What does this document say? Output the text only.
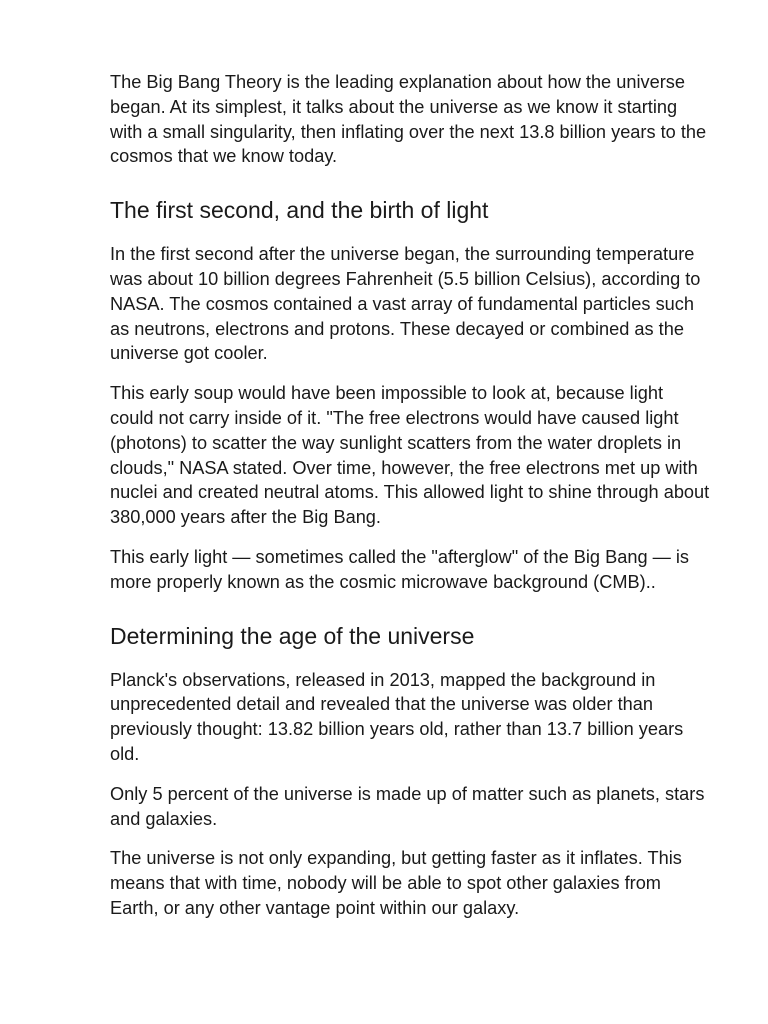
The Big Bang Theory is the leading explanation about how the universe began. At its simplest, it talks about the universe as we know it starting with a small singularity, then inflating over the next 13.8 billion years to the cosmos that we know today.

The first second, and the birth of light

In the first second after the universe began, the surrounding temperature was about 10 billion degrees Fahrenheit (5.5 billion Celsius), according to NASA. The cosmos contained a vast array of fundamental particles such as neutrons, electrons and protons. These decayed or combined as the universe got cooler.

This early soup would have been impossible to look at, because light could not carry inside of it. "The free electrons would have caused light (photons) to scatter the way sunlight scatters from the water droplets in clouds," NASA stated. Over time, however, the free electrons met up with nuclei and created neutral atoms. This allowed light to shine through about 380,000 years after the Big Bang.

This early light — sometimes called the "afterglow" of the Big Bang — is more properly known as the cosmic microwave background (CMB)..

Determining the age of the universe

Planck's observations, released in 2013, mapped the background in unprecedented detail and revealed that the universe was older than previously thought: 13.82 billion years old, rather than 13.7 billion years old.

Only 5 percent of the universe is made up of matter such as planets, stars and galaxies.

The universe is not only expanding, but getting faster as it inflates. This means that with time, nobody will be able to spot other galaxies from Earth, or any other vantage point within our galaxy.
